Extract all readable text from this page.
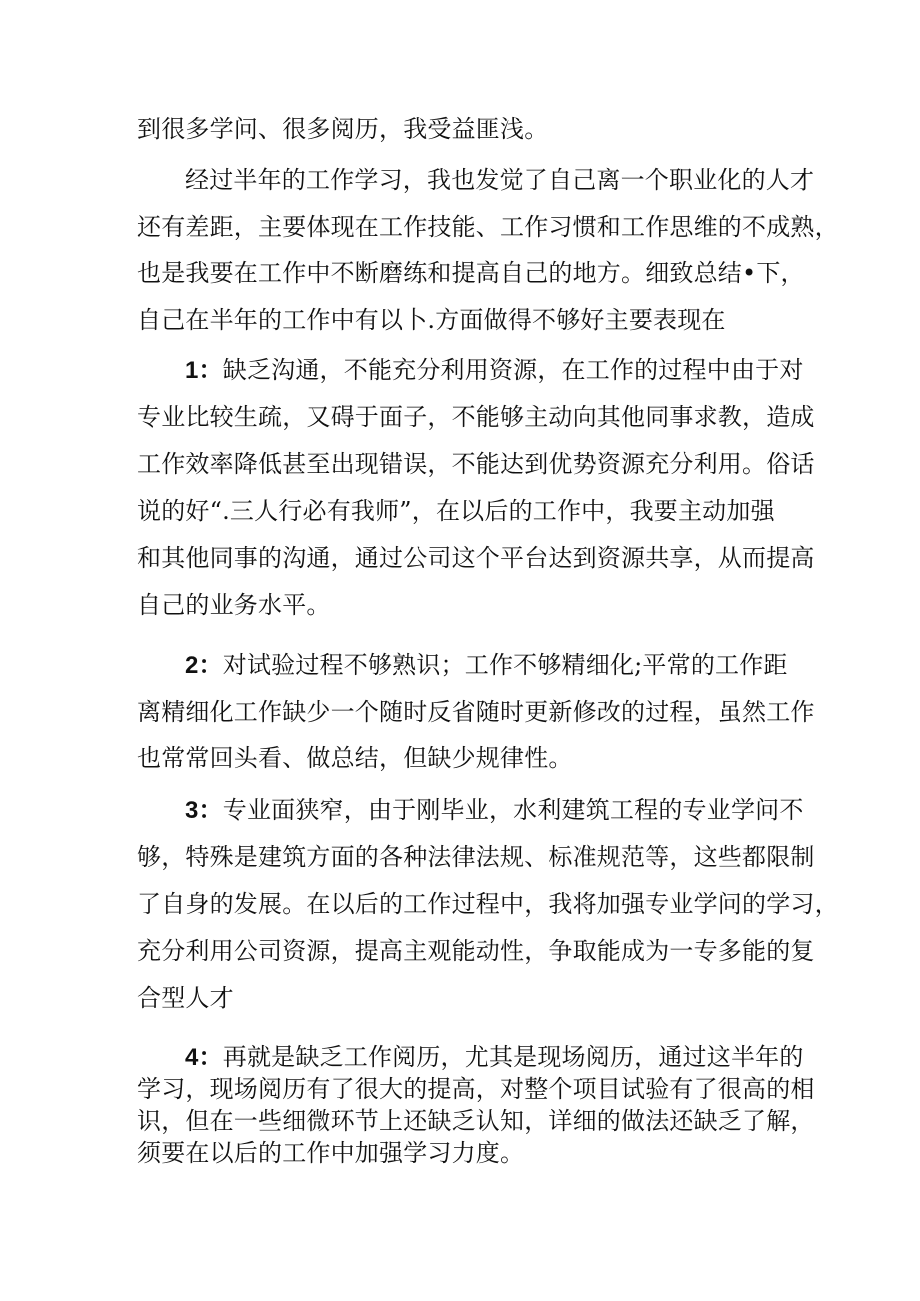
到很多学问、很多阅历，我受益匪浅。
经过半年的工作学习，我也发觉了自己离一个职业化的人才
还有差距，主要体现在工作技能、工作习惯和工作思维的不成熟，
也是我要在工作中不断磨练和提高自己的地方。细致总结•下，
自己在半年的工作中有以卜.方面做得不够好主要表现在
1：缺乏沟通，不能充分利用资源，在工作的过程中由于对
专业比较生疏，又碍于面子，不能够主动向其他同事求教，造成
工作效率降低甚至出现错误，不能达到优势资源充分利用。俗话
说的好“.三人行必有我师”，在以后的工作中，我要主动加强
和其他同事的沟通，通过公司这个平台达到资源共享，从而提高
自己的业务水平。
2：对试验过程不够熟识；工作不够精细化;平常的工作距
离精细化工作缺少一个随时反省随时更新修改的过程，虽然工作
也常常回头看、做总结，但缺少规律性。
3：专业面狭窄，由于刚毕业，水利建筑工程的专业学问不
够，特殊是建筑方面的各种法律法规、标准规范等，这些都限制
了自身的发展。在以后的工作过程中，我将加强专业学问的学习，
充分利用公司资源，提高主观能动性，争取能成为一专多能的复
合型人才
4：再就是缺乏工作阅历，尤其是现场阅历，通过这半年的
学习，现场阅历有了很大的提高，对整个项目试验有了很高的相
识，但在一些细微环节上还缺乏认知，详细的做法还缺乏了解，
须要在以后的工作中加强学习力度。
